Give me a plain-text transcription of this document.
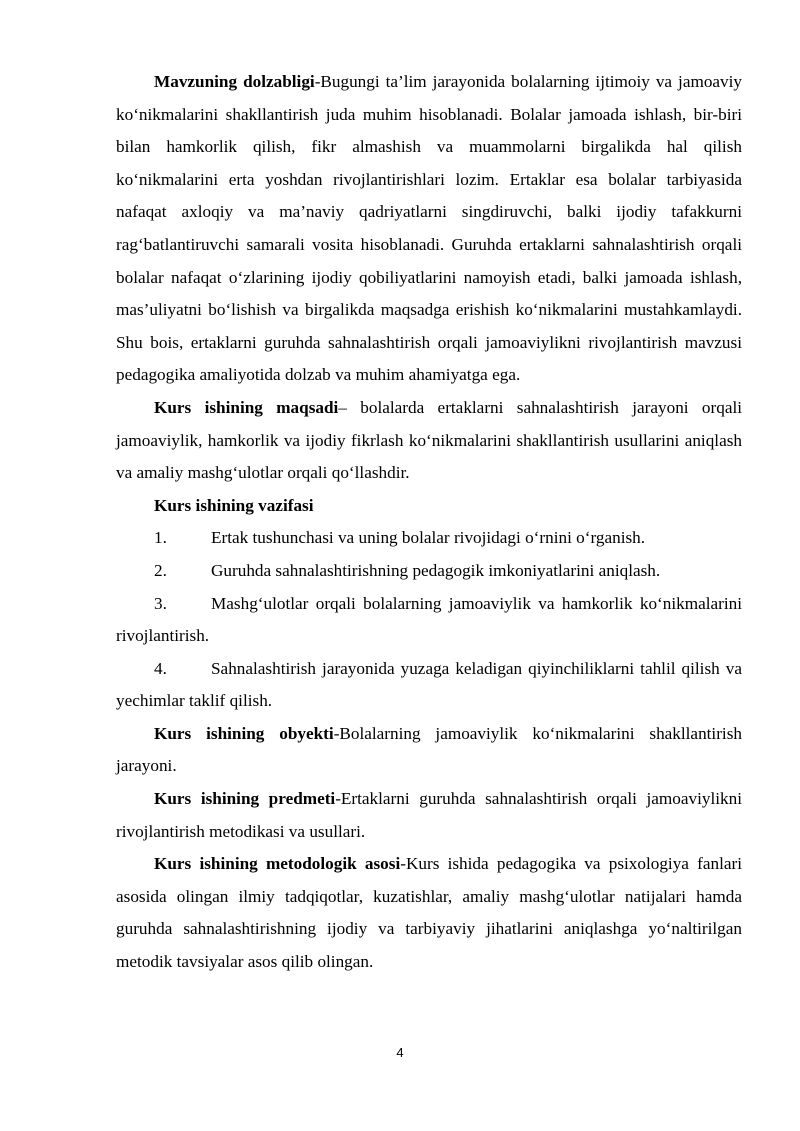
Mavzuning dolzabligi-Bugungi ta’lim jarayonida bolalarning ijtimoiy va jamoaviy ko‘nikmalarini shakllantirish juda muhim hisoblanadi. Bolalar jamoada ishlash, bir-biri bilan hamkorlik qilish, fikr almashish va muammolarni birgalikda hal qilish ko‘nikmalarini erta yoshdan rivojlantirishlari lozim. Ertaklar esa bolalar tarbiyasida nafaqat axloqiy va ma’naviy qadriyatlarni singdiruvchi, balki ijodiy tafakkurni rag‘batlantiruvchi samarali vosita hisoblanadi. Guruhda ertaklarni sahnalashtirish orqali bolalar nafaqat o‘zlarining ijodiy qobiliyatlarini namoyish etadi, balki jamoada ishlash, mas’uliyatni bo‘lishish va birgalikda maqsadga erishish ko‘nikmalarini mustahkamlaydi. Shu bois, ertaklarni guruhda sahnalashtirish orqali jamoaviylikni rivojlantirish mavzusi pedagogika amaliyotida dolzab va muhim ahamiyatga ega.

Kurs ishining maqsadi– bolalarda ertaklarni sahnalashtirish jarayoni orqali jamoaviylik, hamkorlik va ijodiy fikrlash ko‘nikmalarini shakllantirish usullarini aniqlash va amaliy mashg‘ulotlar orqali qo‘llashdir.

Kurs ishining vazifasi

1.	Ertak tushunchasi va uning bolalar rivojidagi o‘rnini o‘rganish.

2.	Guruhda sahnalashtirishning pedagogik imkoniyatlarini aniqlash.

3.	Mashg‘ulotlar orqali bolalarning jamoaviylik va hamkorlik ko‘nikmalarini rivojlantirish.

4.	Sahnalashtirish jarayonida yuzaga keladigan qiyinchiliklarni tahlil qilish va yechimlar taklif qilish.

Kurs ishining obyekti-Bolalarning jamoaviylik ko‘nikmalarini shakllantirish jarayoni.

Kurs ishining predmeti-Ertaklarni guruhda sahnalashtirish orqali jamoaviylikni rivojlantirish metodikasi va usullari.

Kurs ishining metodologik asosi-Kurs ishida pedagogika va psixologiya fanlari asosida olingan ilmiy tadqiqotlar, kuzatishlar, amaliy mashg‘ulotlar natijalari hamda guruhda sahnalashtirishning ijodiy va tarbiyaviy jihatlarini aniqlashga yo‘naltirilgan metodik tavsiyalar asos qilib olingan.

4
